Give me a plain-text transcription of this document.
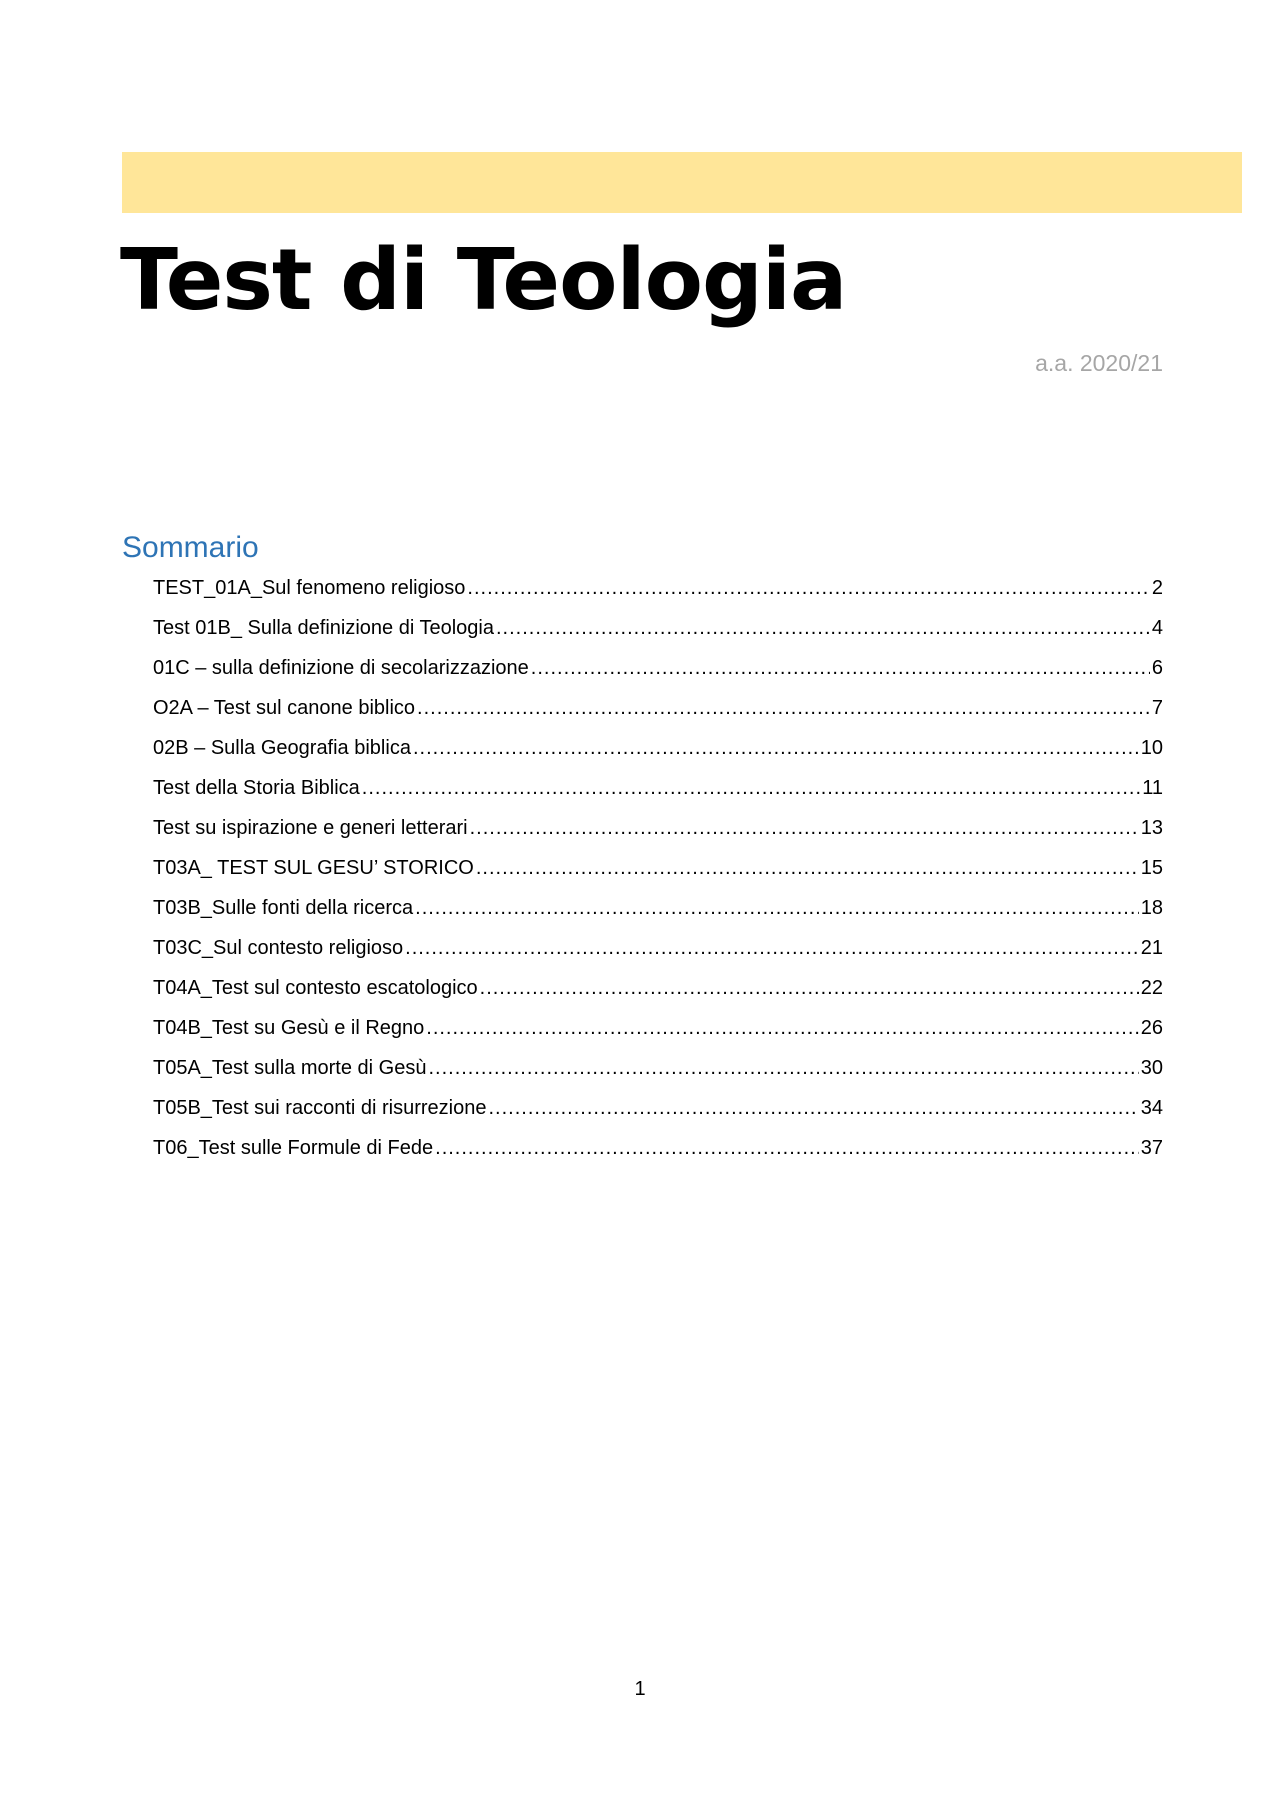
Test di Teologia
a.a. 2020/21
Sommario
TEST_01A_Sul fenomeno religioso .....	2
Test 01B_ Sulla definizione di Teologia .....	4
01C – sulla definizione di secolarizzazione .....	6
O2A – Test sul canone biblico .....	7
02B – Sulla Geografia biblica .....	10
Test della Storia Biblica .....	11
Test su ispirazione e generi letterari .....	13
T03A_ TEST SUL GESU’ STORICO .....	15
T03B_Sulle fonti della ricerca .....	18
T03C_Sul contesto religioso .....	21
T04A_Test sul contesto escatologico .....	22
T04B_Test su Gesù e il Regno .....	26
T05A_Test sulla morte di Gesù .....	30
T05B_Test sui racconti di risurrezione .....	34
T06_Test sulle Formule di Fede .....	37
1
